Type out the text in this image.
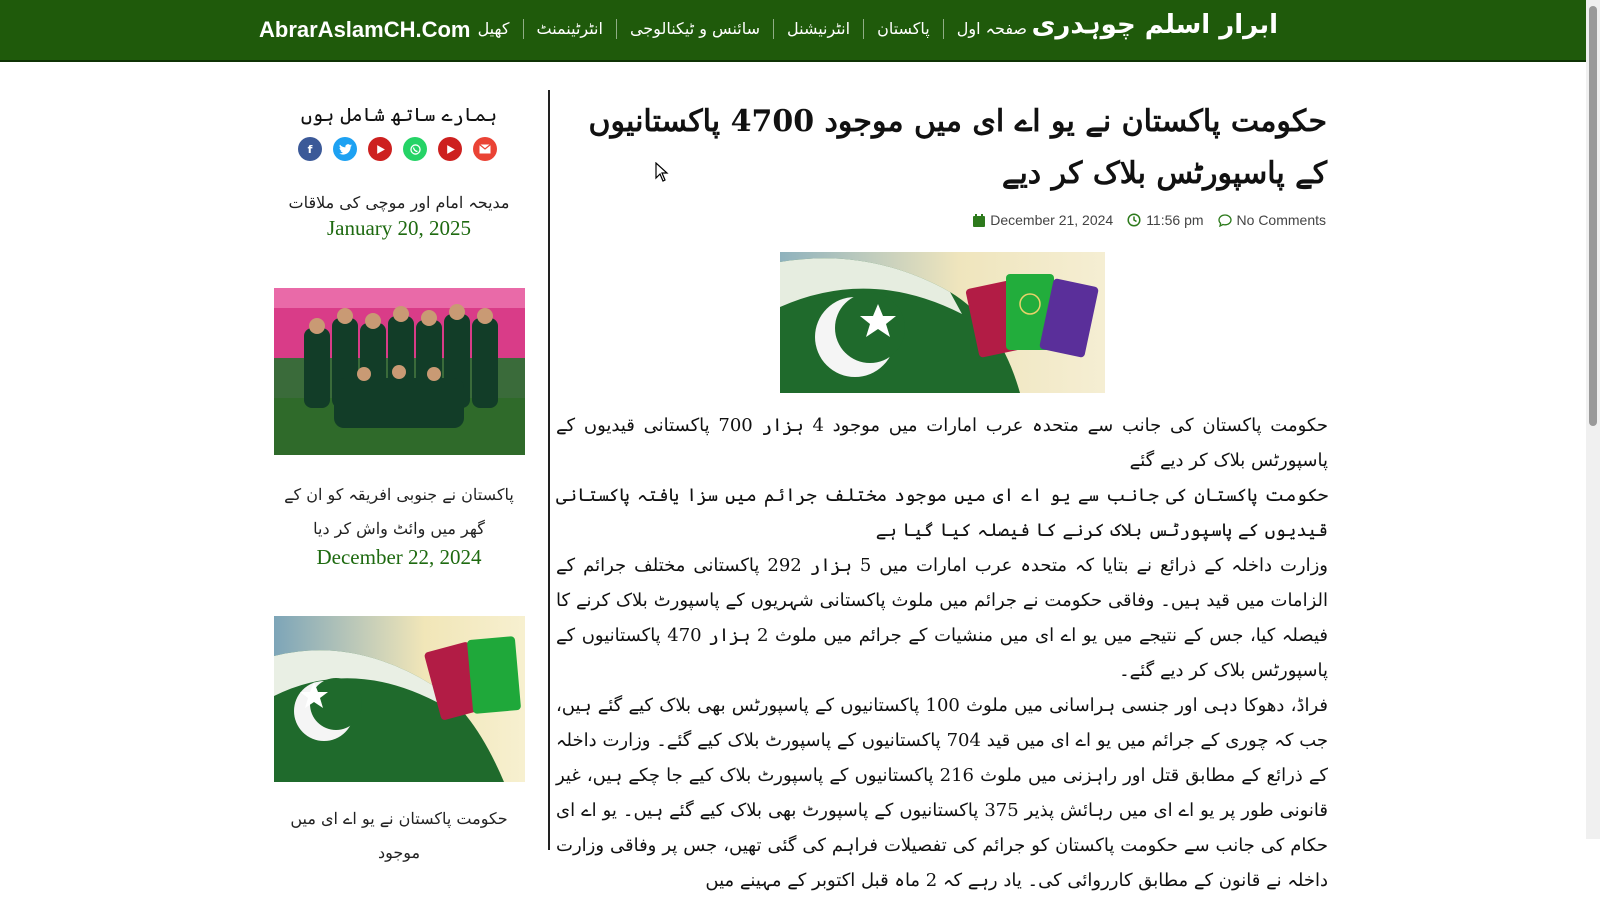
ابرار اسلم چوہدری
AbrarAslamCH.Com	صفحہ اول
پاکستان
انٹرنیشنل
سائنس و ٹیکنالوجی
انٹرٹینمنٹ
کھیل
ہمارے ساتھ شامل ہوں
f
مدیحہ امام اور موچی کی ملاقات
January 20, 2025
پاکستان نے جنوبی افریقہ کو ان کے گھر میں وائٹ واش کر دیا
December 22, 2024
حکومت پاکستان نے یو اے ای میں موجود
حکومت پاکستان نے یو اے ای میں موجود 4700 پاکستانیوں کے پاسپورٹس بلاک کر دیے
December 21, 2024 11:56 pm No Comments

حکومت پاکستان کی جانب سے متحدہ عرب امارات میں موجود 4 ہزار 700 پاکستانی قیدیوں کے پاسپورٹس بلاک کر دیے گئے

حکومت پاکستان کی جانب سے یو اے ای میں موجود مختلف جرائم میں سزا یافتہ پاکستانی قیدیوں کے پاسپورٹس بلاک کرنے کا فیصلہ کیا گیا ہے

وزارت داخلہ کے ذرائع نے بتایا کہ متحدہ عرب امارات میں 5 ہزار 292 پاکستانی مختلف جرائم کے الزامات میں قید ہیں۔ وفاقی حکومت نے جرائم میں ملوث پاکستانی شہریوں کے پاسپورٹ بلاک کرنے کا فیصلہ کیا، جس کے نتیجے میں یو اے ای میں منشیات کے جرائم میں ملوث 2 ہزار 470 پاکستانیوں کے پاسپورٹس بلاک کر دیے گئے۔

فراڈ، دھوکا دہی اور جنسی ہراسانی میں ملوث 100 پاکستانیوں کے پاسپورٹس بھی بلاک کیے گئے ہیں، جب کہ چوری کے جرائم میں یو اے ای میں قید 704 پاکستانیوں کے پاسپورٹ بلاک کیے گئے۔ وزارت داخلہ کے ذرائع کے مطابق قتل اور راہزنی میں ملوث 216 پاکستانیوں کے پاسپورٹ بلاک کیے جا چکے ہیں، غیر قانونی طور پر یو اے ای میں رہائش پذیر 375 پاکستانیوں کے پاسپورٹ بھی بلاک کیے گئے ہیں۔ یو اے ای حکام کی جانب سے حکومت پاکستان کو جرائم کی تفصیلات فراہم کی گئی تھیں، جس پر وفاقی وزارت داخلہ نے قانون کے مطابق کارروائی کی۔ یاد رہے کہ 2 ماہ قبل اکتوبر کے مہینے میں
